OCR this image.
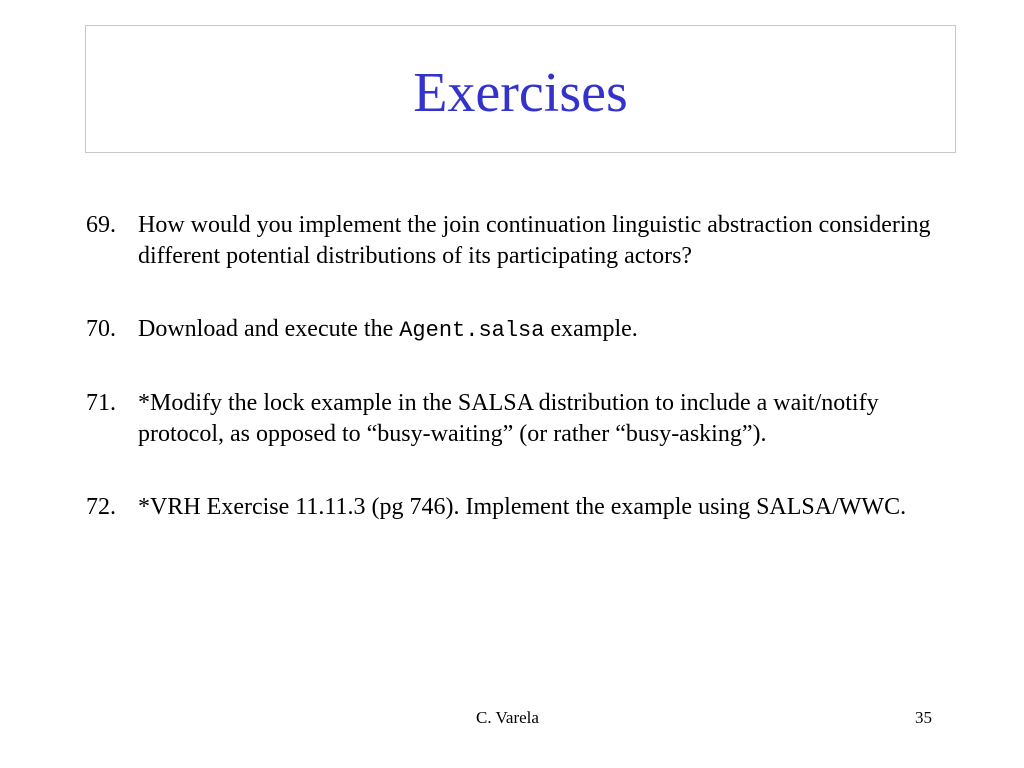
Exercises
69. How would you implement the join continuation linguistic abstraction considering different potential distributions of its participating actors?
70. Download and execute the Agent.salsa example.
71. *Modify the lock example in the SALSA distribution to include a wait/notify protocol, as opposed to “busy-waiting” (or rather “busy-asking”).
72. *VRH Exercise 11.11.3 (pg 746). Implement the example using SALSA/WWC.
C. Varela	35
